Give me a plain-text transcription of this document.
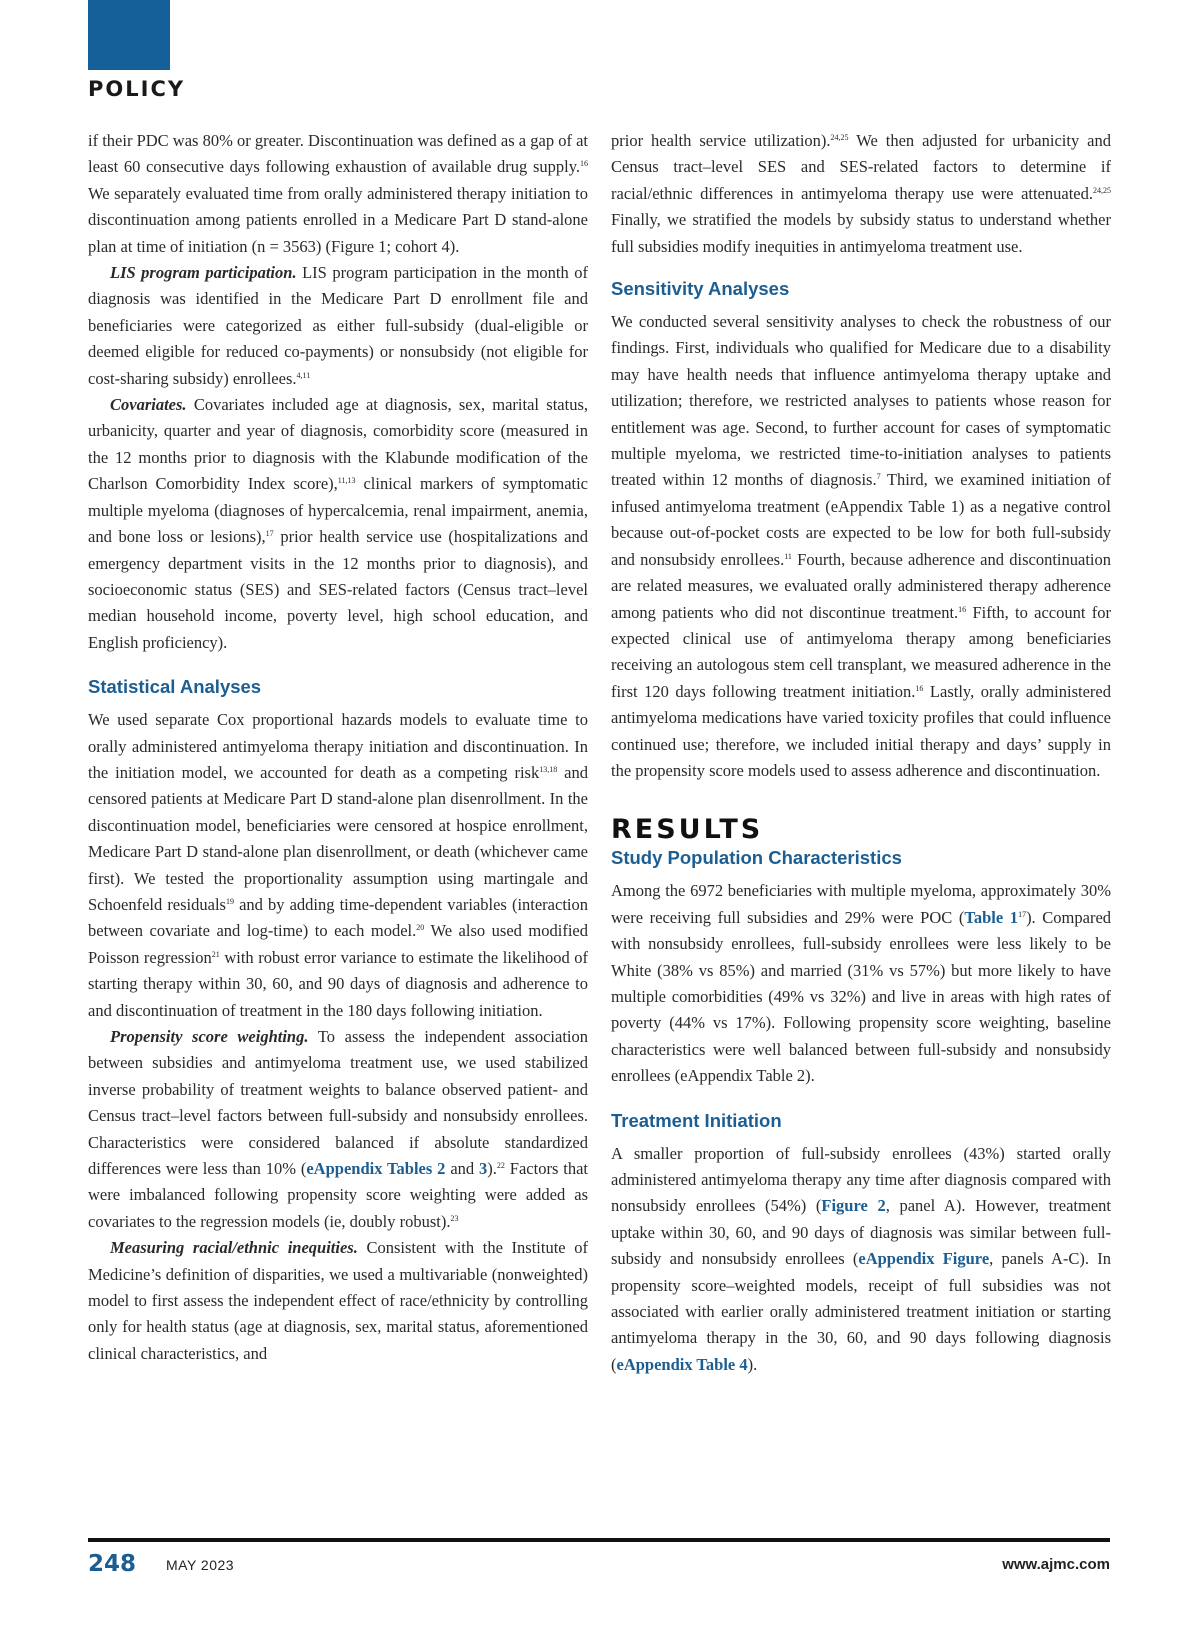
POLICY

if their PDC was 80% or greater. Discontinuation was defined as a gap of at least 60 consecutive days following exhaustion of available drug supply.$^{16}$ We separately evaluated time from orally administered therapy initiation to discontinuation among patients enrolled in a Medicare Part D stand-alone plan at time of initiation (n = 3563) (Figure 1; cohort 4).

LIS program participation. LIS program participation in the month of diagnosis was identified in the Medicare Part D enrollment file and beneficiaries were categorized as either full-subsidy (dual-eligible or deemed eligible for reduced co-payments) or nonsubsidy (not eligible for cost-sharing subsidy) enrollees.$^{4,11}$

Covariates. Covariates included age at diagnosis, sex, marital status, urbanicity, quarter and year of diagnosis, comorbidity score (measured in the 12 months prior to diagnosis with the Klabunde modification of the Charlson Comorbidity Index score),$^{11,13}$ clinical markers of symptomatic multiple myeloma (diagnoses of hypercalcemia, renal impairment, anemia, and bone loss or lesions),$^{17}$ prior health service use (hospitalizations and emergency department visits in the 12 months prior to diagnosis), and socioeconomic status (SES) and SES-related factors (Census tract–level median household income, poverty level, high school education, and English proficiency).

Statistical Analyses

We used separate Cox proportional hazards models to evaluate time to orally administered antimyeloma therapy initiation and discontinuation. In the initiation model, we accounted for death as a competing risk$^{13,18}$ and censored patients at Medicare Part D stand-alone plan disenrollment. In the discontinuation model, beneficiaries were censored at hospice enrollment, Medicare Part D stand-alone plan disenrollment, or death (whichever came first). We tested the proportionality assumption using martingale and Schoenfeld residuals$^{19}$ and by adding time-dependent variables (interaction between covariate and log-time) to each model.$^{20}$ We also used modified Poisson regression$^{21}$ with robust error variance to estimate the likelihood of starting therapy within 30, 60, and 90 days of diagnosis and adherence to and discontinuation of treatment in the 180 days following initiation.

Propensity score weighting. To assess the independent association between subsidies and antimyeloma treatment use, we used stabilized inverse probability of treatment weights to balance observed patient- and Census tract–level factors between full-subsidy and nonsubsidy enrollees. Characteristics were considered balanced if absolute standardized differences were less than 10% (eAppendix Tables 2 and 3).$^{22}$ Factors that were imbalanced following propensity score weighting were added as covariates to the regression models (ie, doubly robust).$^{23}$

Measuring racial/ethnic inequities. Consistent with the Institute of Medicine’s definition of disparities, we used a multivariable (nonweighted) model to first assess the independent effect of race/ethnicity by controlling only for health status (age at diagnosis, sex, marital status, aforementioned clinical characteristics, and

prior health service utilization).$^{24,25}$ We then adjusted for urbanicity and Census tract–level SES and SES-related factors to determine if racial/ethnic differences in antimyeloma therapy use were attenuated.$^{24,25}$ Finally, we stratified the models by subsidy status to understand whether full subsidies modify inequities in antimyeloma treatment use.

Sensitivity Analyses

We conducted several sensitivity analyses to check the robustness of our findings. First, individuals who qualified for Medicare due to a disability may have health needs that influence antimyeloma therapy uptake and utilization; therefore, we restricted analyses to patients whose reason for entitlement was age. Second, to further account for cases of symptomatic multiple myeloma, we restricted time-to-initiation analyses to patients treated within 12 months of diagnosis.$^7$ Third, we examined initiation of infused antimyeloma treatment (eAppendix Table 1) as a negative control because out-of-pocket costs are expected to be low for both full-subsidy and nonsubsidy enrollees.$^{11}$ Fourth, because adherence and discontinuation are related measures, we evaluated orally administered therapy adherence among patients who did not discontinue treatment.$^{16}$ Fifth, to account for expected clinical use of antimyeloma therapy among beneficiaries receiving an autologous stem cell transplant, we measured adherence in the first 120 days following treatment initiation.$^{16}$ Lastly, orally administered antimyeloma medications have varied toxicity profiles that could influence continued use; therefore, we included initial therapy and days’ supply in the propensity score models used to assess adherence and discontinuation.

RESULTS
Study Population Characteristics

Among the 6972 beneficiaries with multiple myeloma, approximately 30% were receiving full subsidies and 29% were POC (Table $1^{17}$). Compared with nonsubsidy enrollees, full-subsidy enrollees were less likely to be White (38% vs 85%) and married (31% vs 57%) but more likely to have multiple comorbidities (49% vs 32%) and live in areas with high rates of poverty (44% vs 17%). Following propensity score weighting, baseline characteristics were well balanced between full-subsidy and nonsubsidy enrollees (eAppendix Table 2).

Treatment Initiation

A smaller proportion of full-subsidy enrollees (43%) started orally administered antimyeloma therapy any time after diagnosis compared with nonsubsidy enrollees (54%) (Figure 2, panel A). However, treatment uptake within 30, 60, and 90 days of diagnosis was similar between full-subsidy and nonsubsidy enrollees (eAppendix Figure, panels A-C). In propensity score–weighted models, receipt of full subsidies was not associated with earlier orally administered treatment initiation or starting antimyeloma therapy in the 30, 60, and 90 days following diagnosis (eAppendix Table 4).

248 MAY 2023	www.ajmc.com
